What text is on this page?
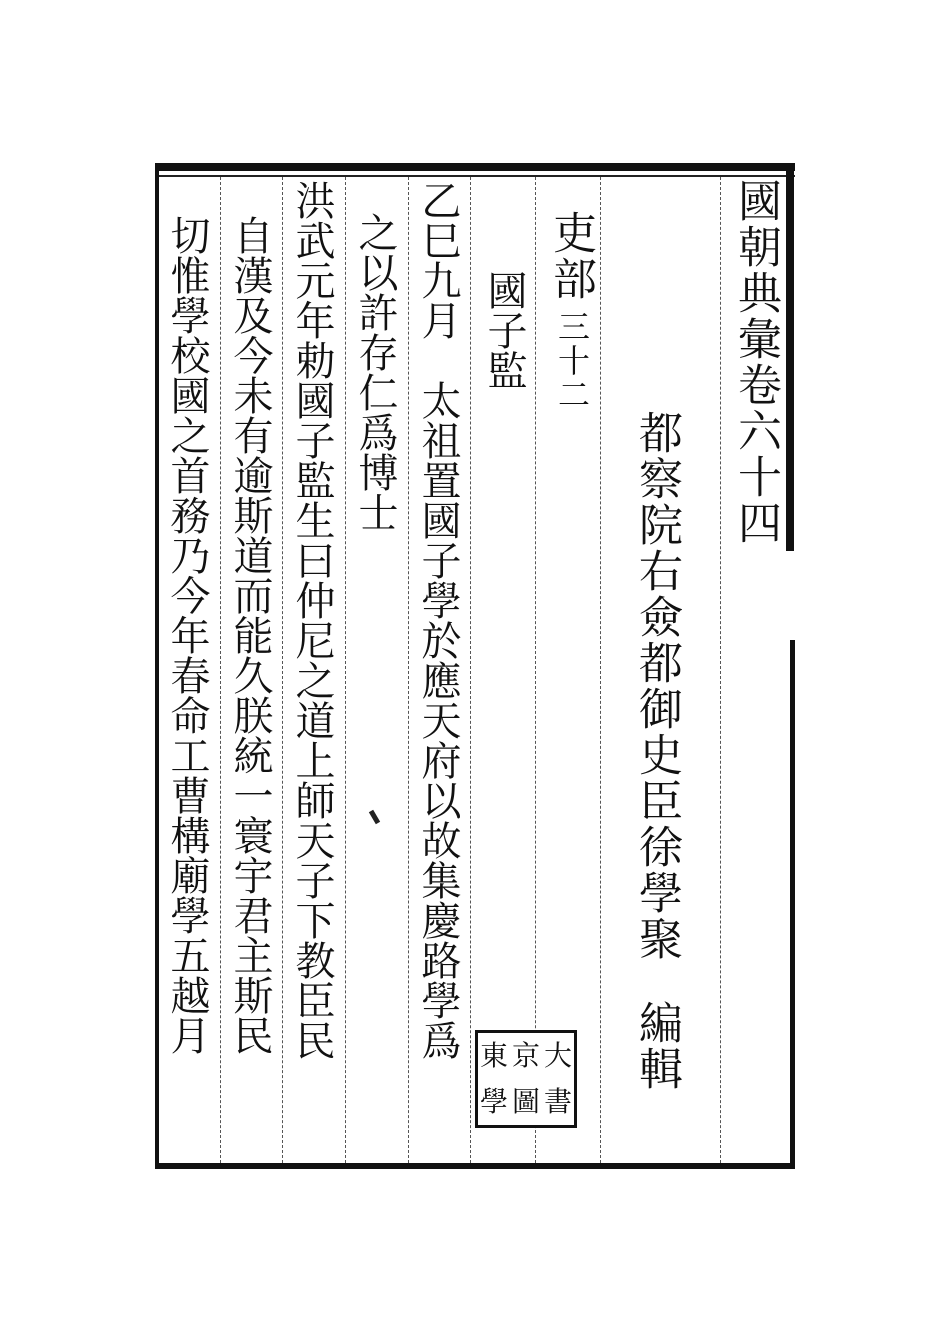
國朝典彙卷六十四
都察院右僉都御史臣徐學聚
編輯
吏部
三十二
國子監
乙巳九月　太祖置國子學於應天府以故集慶路學爲
之以許存仁爲博士
洪武元年勅國子監生曰仲尼之道上師天子下教臣民
自漢及今未有逾斯道而能久朕統一寰宇君主斯民
切惟學校國之首務乃今年春命工曹構廟學五越月
東 京 大
學 圖 書
